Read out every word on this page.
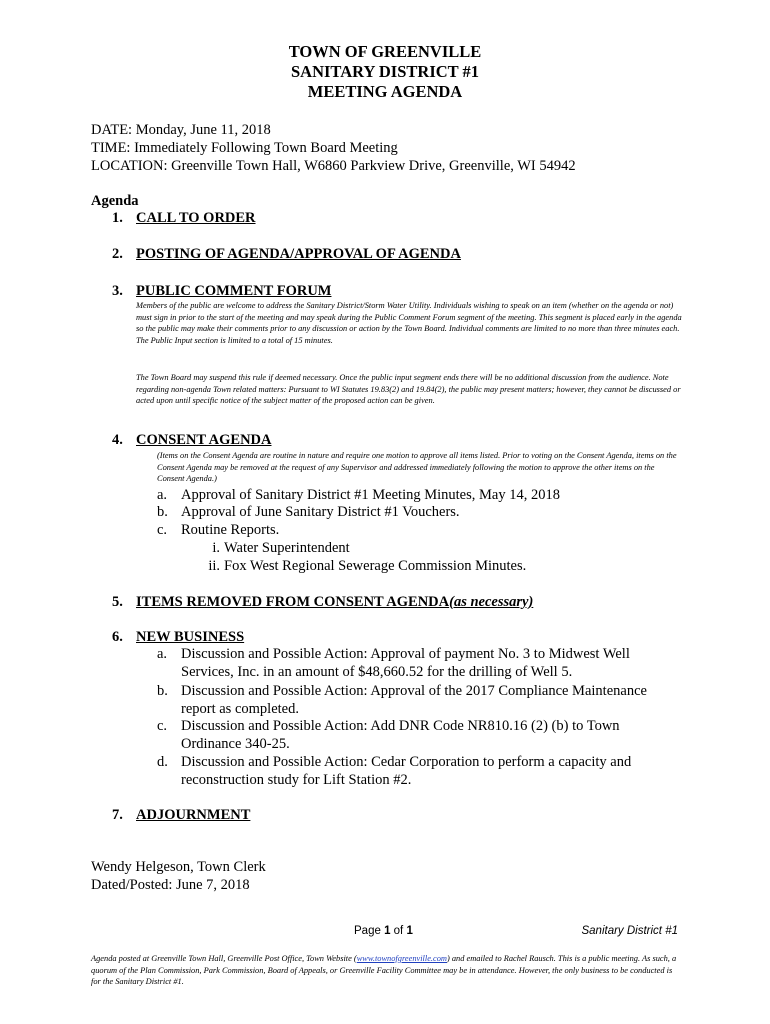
TOWN OF GREENVILLE
SANITARY DISTRICT #1
MEETING AGENDA
DATE: Monday, June 11, 2018
TIME: Immediately Following Town Board Meeting
LOCATION: Greenville Town Hall, W6860 Parkview Drive, Greenville, WI 54942
Agenda
1. CALL TO ORDER
2. POSTING OF AGENDA/APPROVAL OF AGENDA
3. PUBLIC COMMENT FORUM
Members of the public are welcome to address the Sanitary District/Storm Water Utility. Individuals wishing to speak on an item (whether on the agenda or not) must sign in prior to the start of the meeting and may speak during the Public Comment Forum segment of the meeting. This segment is placed early in the agenda so the public may make their comments prior to any discussion or action by the Town Board. Individual comments are limited to no more than three minutes each. The Public Input section is limited to a total of 15 minutes.
The Town Board may suspend this rule if deemed necessary. Once the public input segment ends there will be no additional discussion from the audience. Note regarding non-agenda Town related matters: Pursuant to WI Statutes 19.83(2) and 19.84(2), the public may present matters; however, they cannot be discussed or acted upon until specific notice of the subject matter of the proposed action can be given.
4. CONSENT AGENDA
(Items on the Consent Agenda are routine in nature and require one motion to approve all items listed. Prior to voting on the Consent Agenda, items on the Consent Agenda may be removed at the request of any Supervisor and addressed immediately following the motion to approve the other items on the Consent Agenda.)
a. Approval of Sanitary District #1 Meeting Minutes, May 14, 2018
b. Approval of June Sanitary District #1 Vouchers.
c. Routine Reports.
i. Water Superintendent
ii. Fox West Regional Sewerage Commission Minutes.
5. ITEMS REMOVED FROM CONSENT AGENDA(as necessary)
6. NEW BUSINESS
a. Discussion and Possible Action: Approval of payment No. 3 to Midwest Well Services, Inc. in an amount of $48,660.52 for the drilling of Well 5.
b. Discussion and Possible Action: Approval of the 2017 Compliance Maintenance report as completed.
c. Discussion and Possible Action: Add DNR Code NR810.16 (2) (b) to Town Ordinance 340-25.
d. Discussion and Possible Action: Cedar Corporation to perform a capacity and reconstruction study for Lift Station #2.
7. ADJOURNMENT
Wendy Helgeson, Town Clerk
Dated/Posted: June 7, 2018
Page 1 of 1	Sanitary District #1
Agenda posted at Greenville Town Hall, Greenville Post Office, Town Website (www.townofgreenville.com) and emailed to Rachel Rausch. This is a public meeting. As such, a quorum of the Plan Commission, Park Commission, Board of Appeals, or Greenville Facility Committee may be in attendance. However, the only business to be conducted is for the Sanitary District #1.
